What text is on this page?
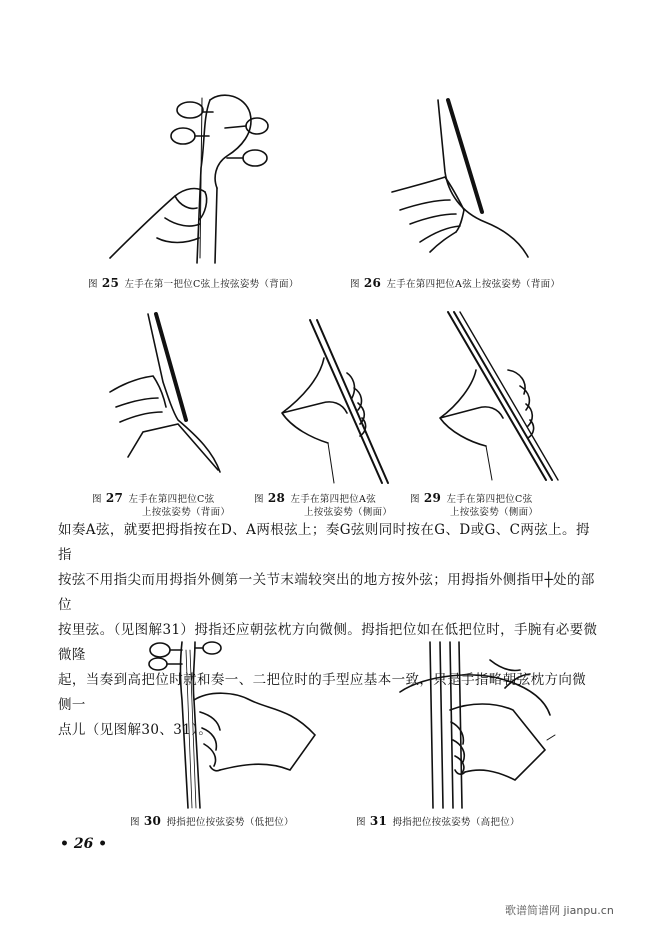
图 25 左手在第一把位C弦上按弦姿势（背面）	图 26 左手在第四把位A弦上按弦姿势（背面）
图 27 左手在第四把位C弦
上按弦姿势（背面）
图 28 左手在第四把位A弦
上按弦姿势（侧面）
图 29 左手在第四把位C弦
上按弦姿势（侧面）

如奏A弦，就要把拇指按在D、A两根弦上；奏G弦则同时按在G、D或G、C两弦上。拇指

按弦不用指尖而用拇指外侧第一关节末端较突出的地方按外弦；用拇指外侧指甲┼处的部位

按里弦。（见图解31）拇指还应朝弦枕方向微侧。拇指把位如在低把位时，手腕有必要微微隆

起，当奏到高把位时就和奏一、二把位时的手型应基本一致，只是手指略朝弦枕方向微侧一

点儿（见图解30、31）。

图 30 拇指把位按弦姿势（低把位）	图 31 拇指把位按弦姿势（高把位）
• 26 •
歌谱简谱网 jianpu.cn
